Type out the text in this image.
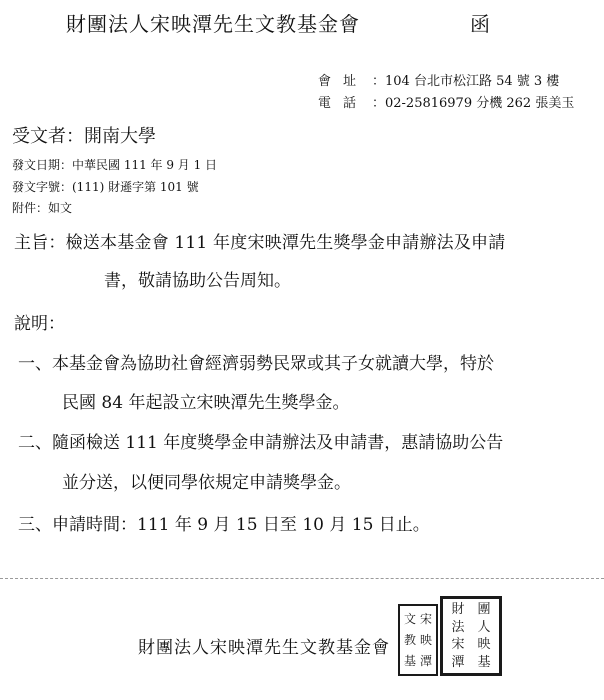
財團法人宋映潭先生文教基金會	函
會址 ：104 台北市松江路 54 號 3 樓
電話 ：02-25816979 分機 262 張美玉
受文者：開南大學
發文日期：中華民國 111 年 9 月 1 日
發文字號：(111) 財遜字第 101 號
附件：如文
主旨：檢送本基金會 111 年度宋映潭先生獎學金申請辦法及申請
書，敬請協助公告周知。
說明：
一、本基金會為協助社會經濟弱勢民眾或其子女就讀大學，特於
民國 84 年起設立宋映潭先生獎學金。
二、隨函檢送 111 年度獎學金申請辦法及申請書，惠請協助公告
並分送，以便同學依規定申請獎學金。
三、申請時間：111 年 9 月 15 日至 10 月 15 日止。
財團法人宋映潭先生文教基金會
文 宋
教 映
基 潭
財 團
法 人
宋 映
潭 基
